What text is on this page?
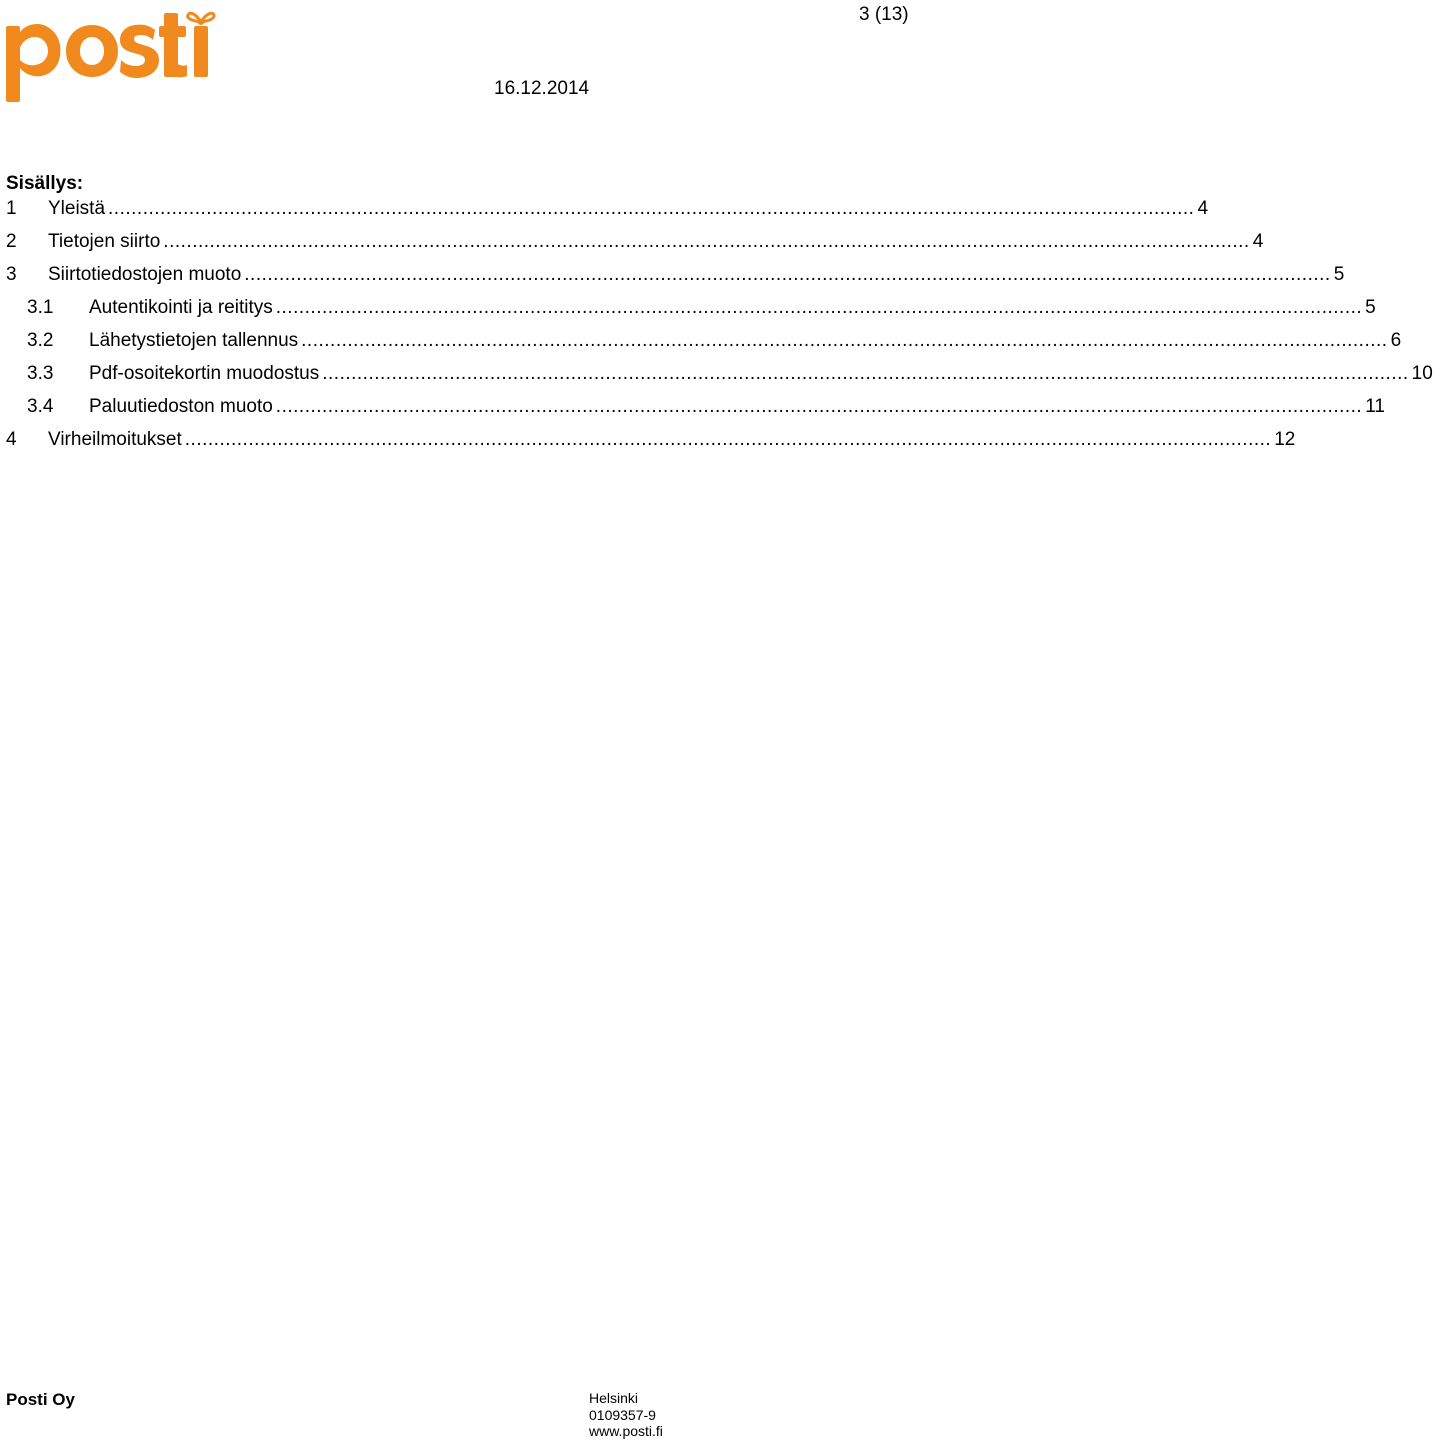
3 (13)
16.12.2014
Sisällys:
1 Yleistä ............................................................................................................................................................................................ 4
2 Tietojen siirto ............................................................................................................................................................................................ 4
3 Siirtotiedostojen muoto ............................................................................................................................................................................................ 5
3.1 Autentikointi ja reititys ............................................................................................................................................................................................ 5
3.2 Lähetystietojen tallennus ............................................................................................................................................................................................ 6
3.3 Pdf-osoitekortin muodostus ............................................................................................................................................................................................ 10
3.4 Paluutiedoston muoto ............................................................................................................................................................................................ 11
4 Virheilmoitukset ............................................................................................................................................................................................ 12
Posti Oy	Helsinki
0109357-9
www.posti.fi
